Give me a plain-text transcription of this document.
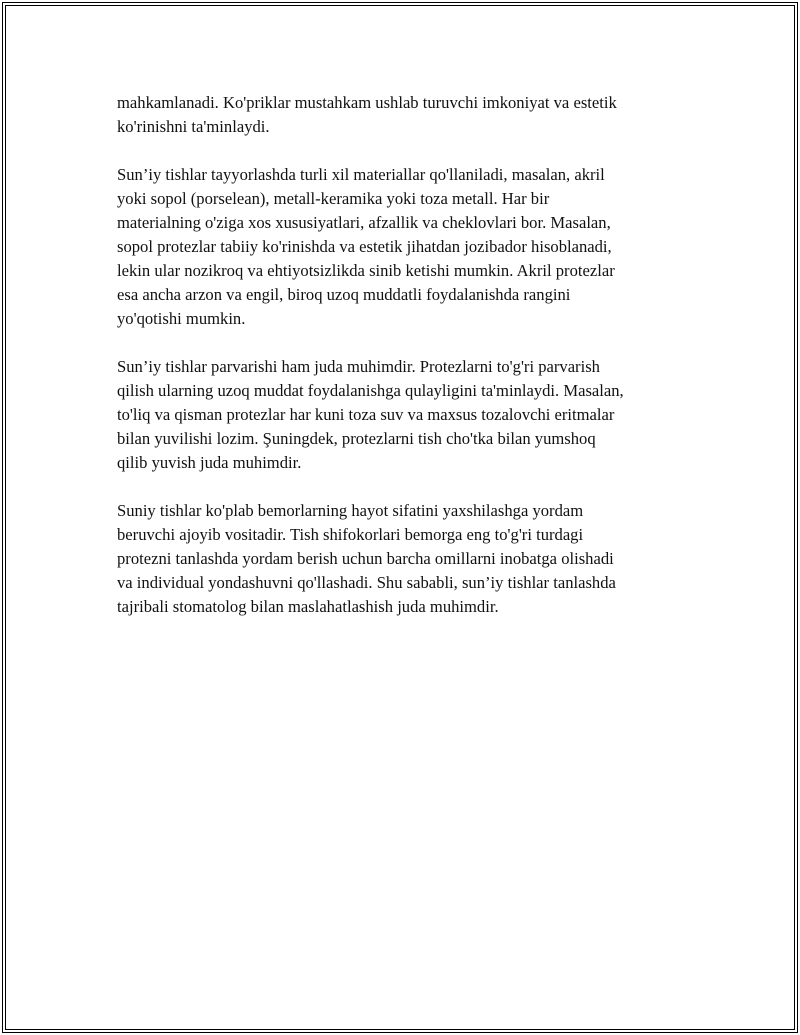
mahkamlanadi. Ko'priklar mustahkam ushlab turuvchi imkoniyat va estetik
ko'rinishni ta'minlaydi.

Sun’iy tishlar tayyorlashda turli xil materiallar qo'llaniladi, masalan, akril
yoki sopol (porselean), metall-keramika yoki toza metall. Har bir
materialning o'ziga xos xususiyatlari, afzallik va cheklovlari bor. Masalan,
sopol protezlar tabiiy ko'rinishda va estetik jihatdan jozibador hisoblanadi,
lekin ular nozikroq va ehtiyotsizlikda sinib ketishi mumkin. Akril protezlar
esa ancha arzon va engil, biroq uzoq muddatli foydalanishda rangini
yo'qotishi mumkin.

Sun’iy tishlar parvarishi ham juda muhimdir. Protezlarni to'g'ri parvarish
qilish ularning uzoq muddat foydalanishga qulayligini ta'minlaydi. Masalan,
to'liq va qisman protezlar har kuni toza suv va maxsus tozalovchi eritmalar
bilan yuvilishi lozim. Şuningdek, protezlarni tish cho'tka bilan yumshoq
qilib yuvish juda muhimdir.

Suniy tishlar ko'plab bemorlarning hayot sifatini yaxshilashga yordam
beruvchi ajoyib vositadir. Tish shifokorlari bemorga eng to'g'ri turdagi
protezni tanlashda yordam berish uchun barcha omillarni inobatga olishadi
va individual yondashuvni qo'llashadi. Shu sababli, sun’iy tishlar tanlashda
tajribali stomatolog bilan maslahatlashish juda muhimdir.
